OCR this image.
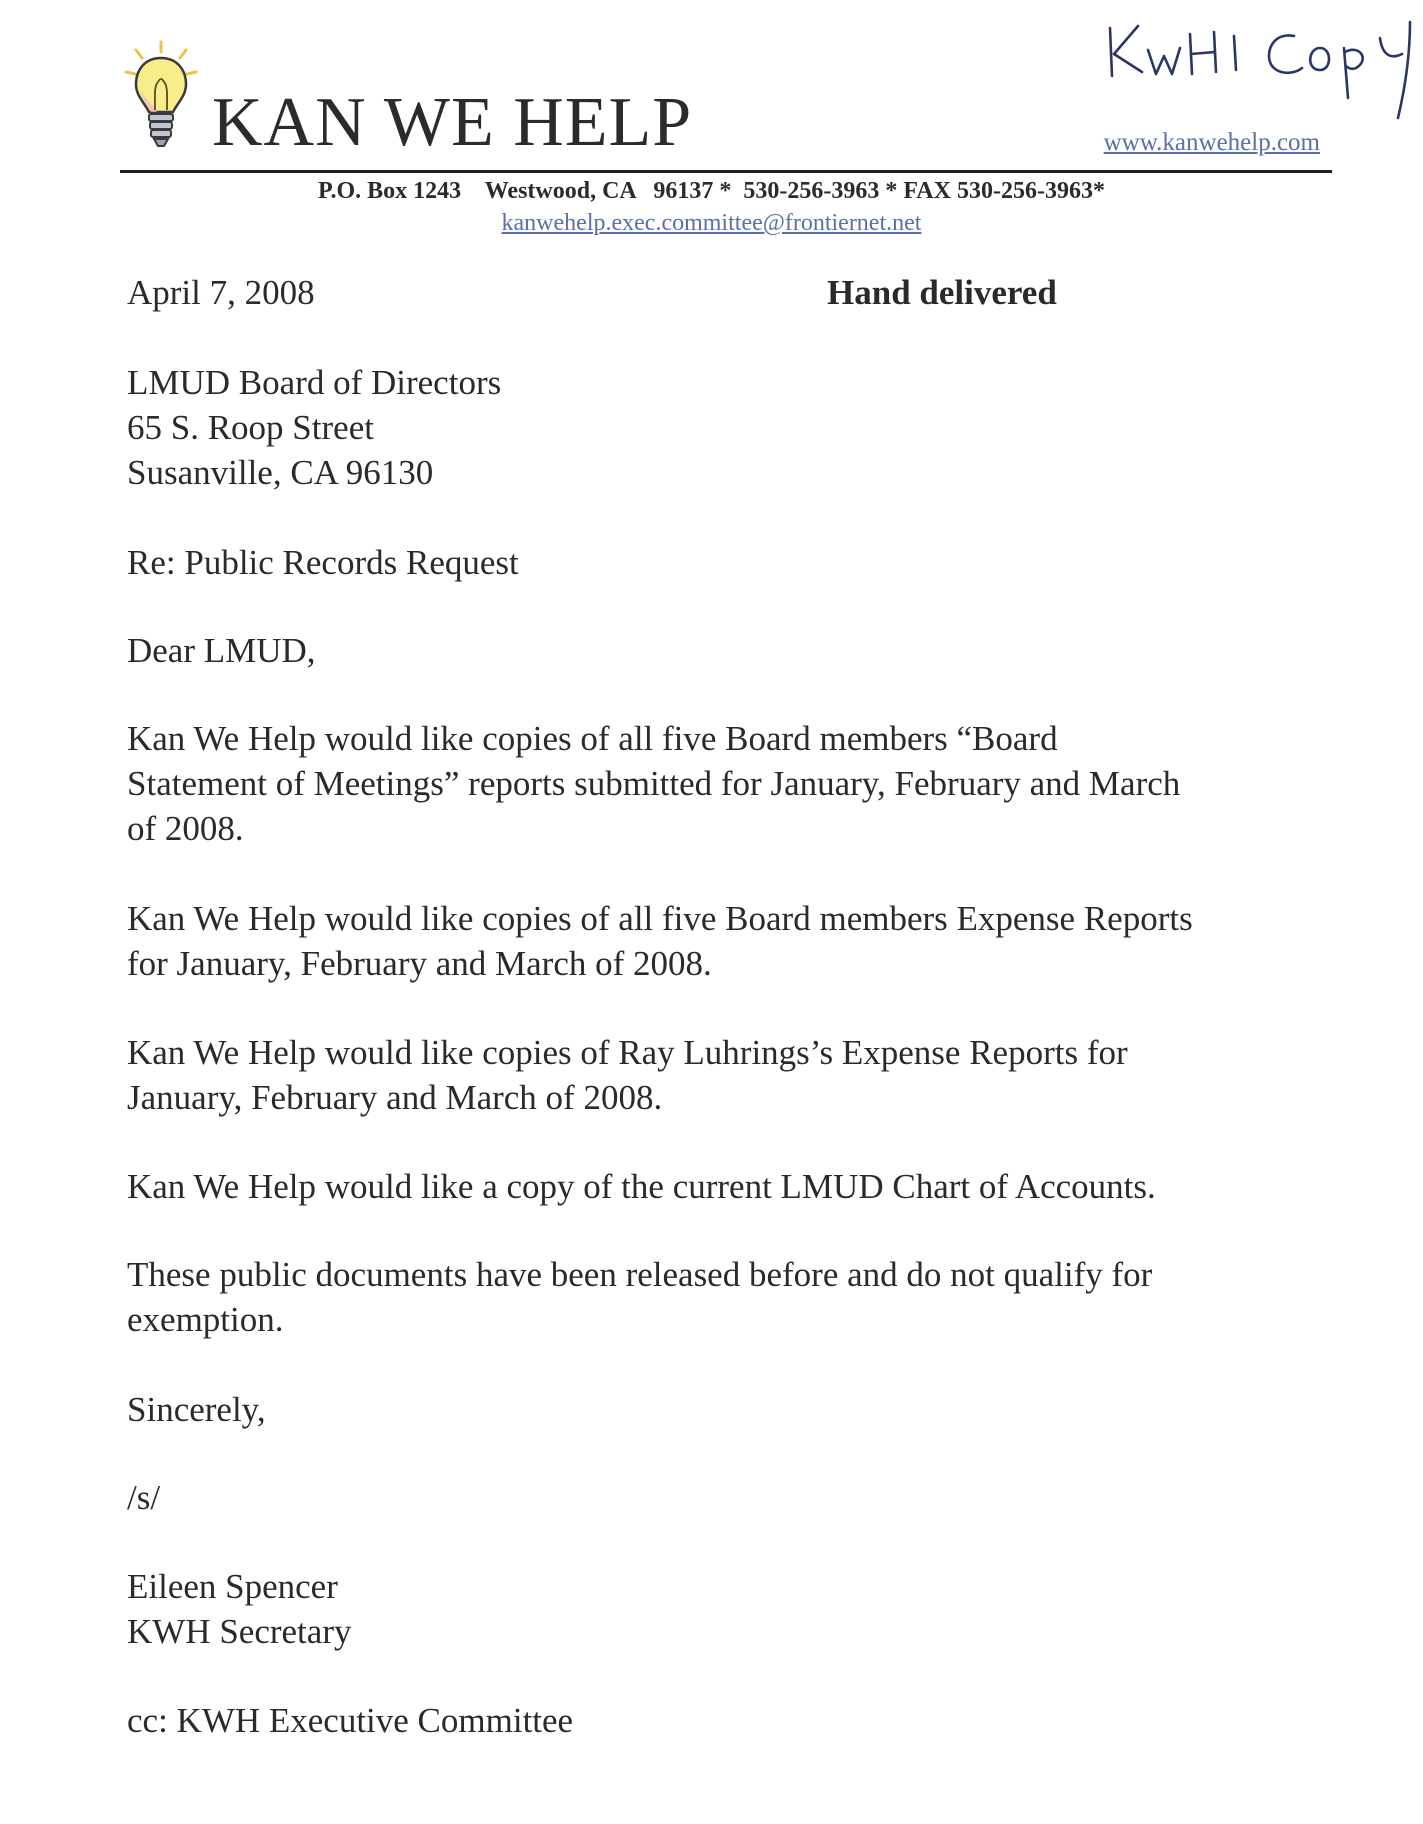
KAN WE HELP	www.kanwehelp.com
P.O. Box 1243    Westwood, CA   96137 *  530-256-3963 * FAX 530-256-3963*
kanwehelp.exec.committee@frontiernet.net
April 7, 2008	Hand delivered
LMUD Board of Directors
65 S. Roop Street
Susanville, CA 96130
Re: Public Records Request
Dear LMUD,
Kan We Help would like copies of all five Board members “Board
Statement of Meetings” reports submitted for January, February and March
of 2008.
Kan We Help would like copies of all five Board members Expense Reports
for January, February and March of 2008.
Kan We Help would like copies of Ray Luhrings’s Expense Reports for
January, February and March of 2008.
Kan We Help would like a copy of the current LMUD Chart of Accounts.
These public documents have been released before and do not qualify for
exemption.
Sincerely,
/s/
Eileen Spencer
KWH Secretary
cc: KWH Executive Committee
